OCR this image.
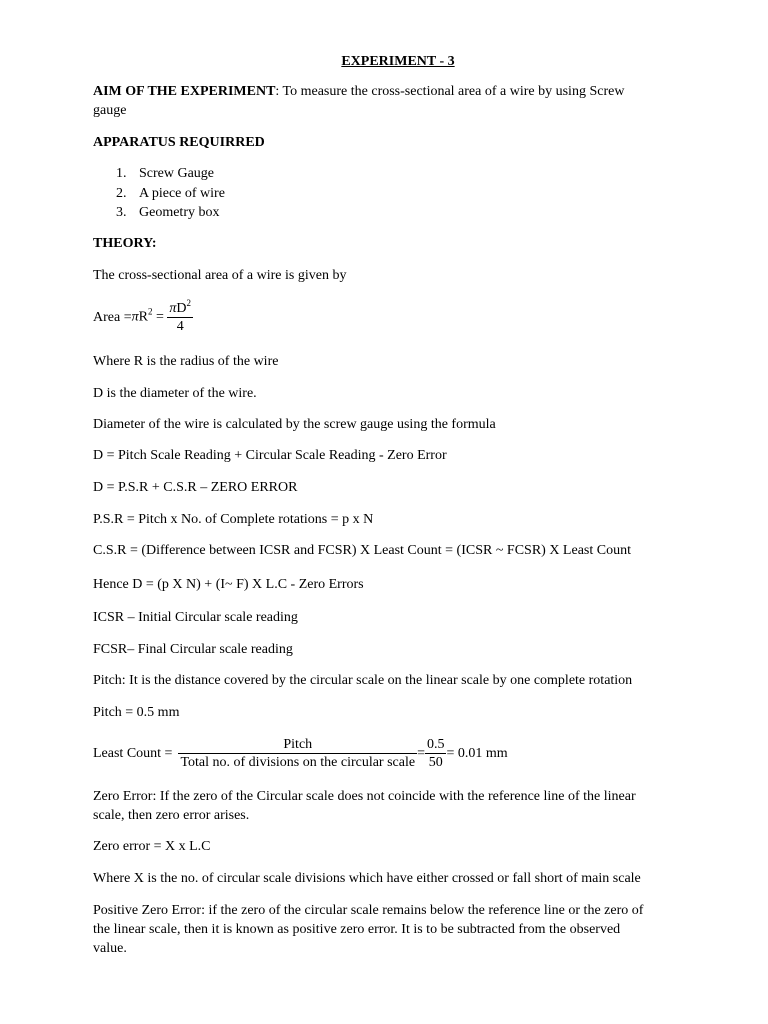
EXPERIMENT - 3
AIM OF THE EXPERIMENT: To measure the cross-sectional area of a wire by using Screw
gauge
APPARATUS REQUIRRED
1. Screw Gauge
2. A piece of wire
3. Geometry box
THEORY:
The cross-sectional area of a wire is given by
Area $=\pi R^2 = \frac{\pi D^2}{4}$
Where R is the radius of the wire
D is the diameter of the wire.
Diameter of the wire is calculated by the screw gauge using the formula
D = Pitch Scale Reading + Circular Scale Reading - Zero Error
D = P.S.R + C.S.R – ZERO ERROR
P.S.R = Pitch x No. of Complete rotations = p x N
C.S.R = (Difference between ICSR and FCSR) X Least Count = (ICSR ~ FCSR) X Least Count
Hence D = (p X N) + (I~ F) X L.C - Zero Errors
ICSR – Initial Circular scale reading
FCSR– Final Circular scale reading
Pitch: It is the distance covered by the circular scale on the linear scale by one complete rotation
Pitch = 0.5 mm
Least Count = $\frac{\text{Pitch}}{\text{Total no. of divisions on the circular scale}} = \frac{0.5}{50} = 0.01$ mm
Zero Error: If the zero of the Circular scale does not coincide with the reference line of the linear
scale, then zero error arises.
Zero error = X x L.C
Where X is the no. of circular scale divisions which have either crossed or fall short of main scale
Positive Zero Error: if the zero of the circular scale remains below the reference line or the zero of
the linear scale, then it is known as positive zero error. It is to be subtracted from the observed
value.
